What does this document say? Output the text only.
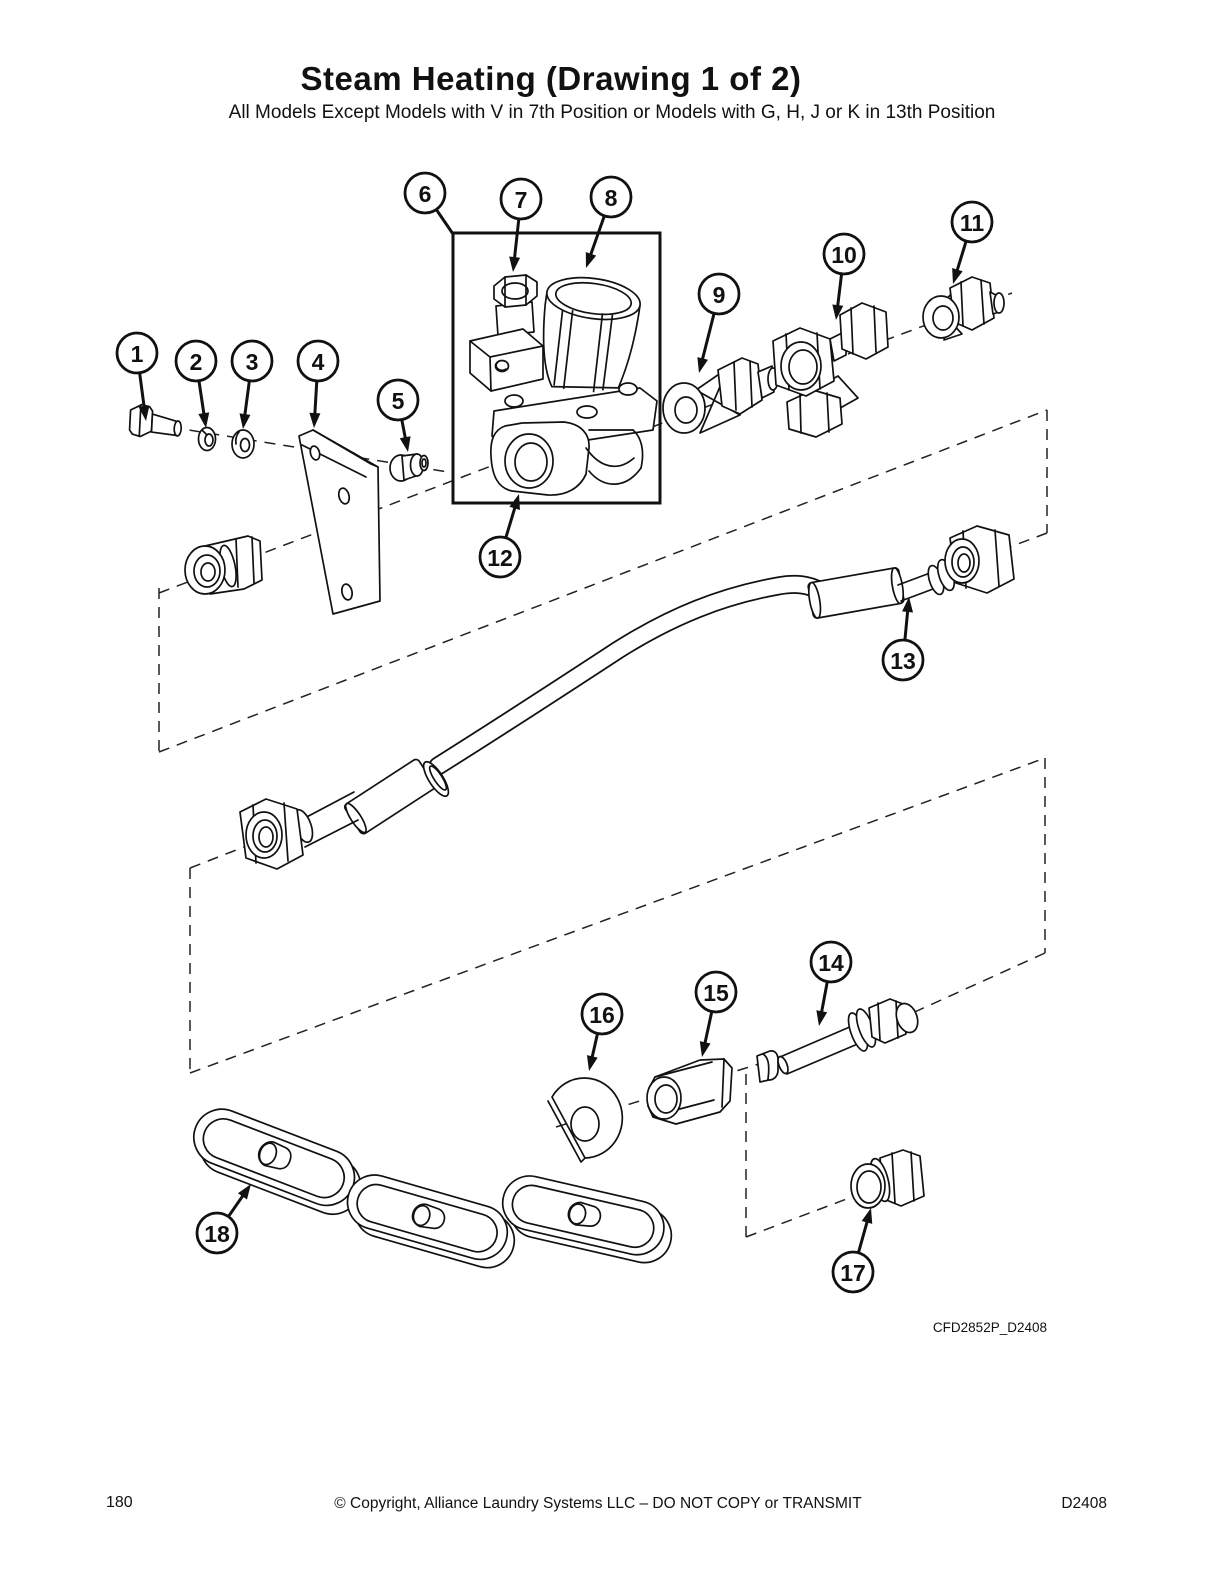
Steam Heating (Drawing 1 of 2)
All Models Except Models with V in 7th Position or Models with G, H, J or K in 13th Position
1 2 3 4
5
6	7	8
9
10
11
12
13
14
15
16
17
18
CFD2852P_D2408
180	© Copyright, Alliance Laundry Systems LLC – DO NOT COPY or TRANSMIT	D2408
